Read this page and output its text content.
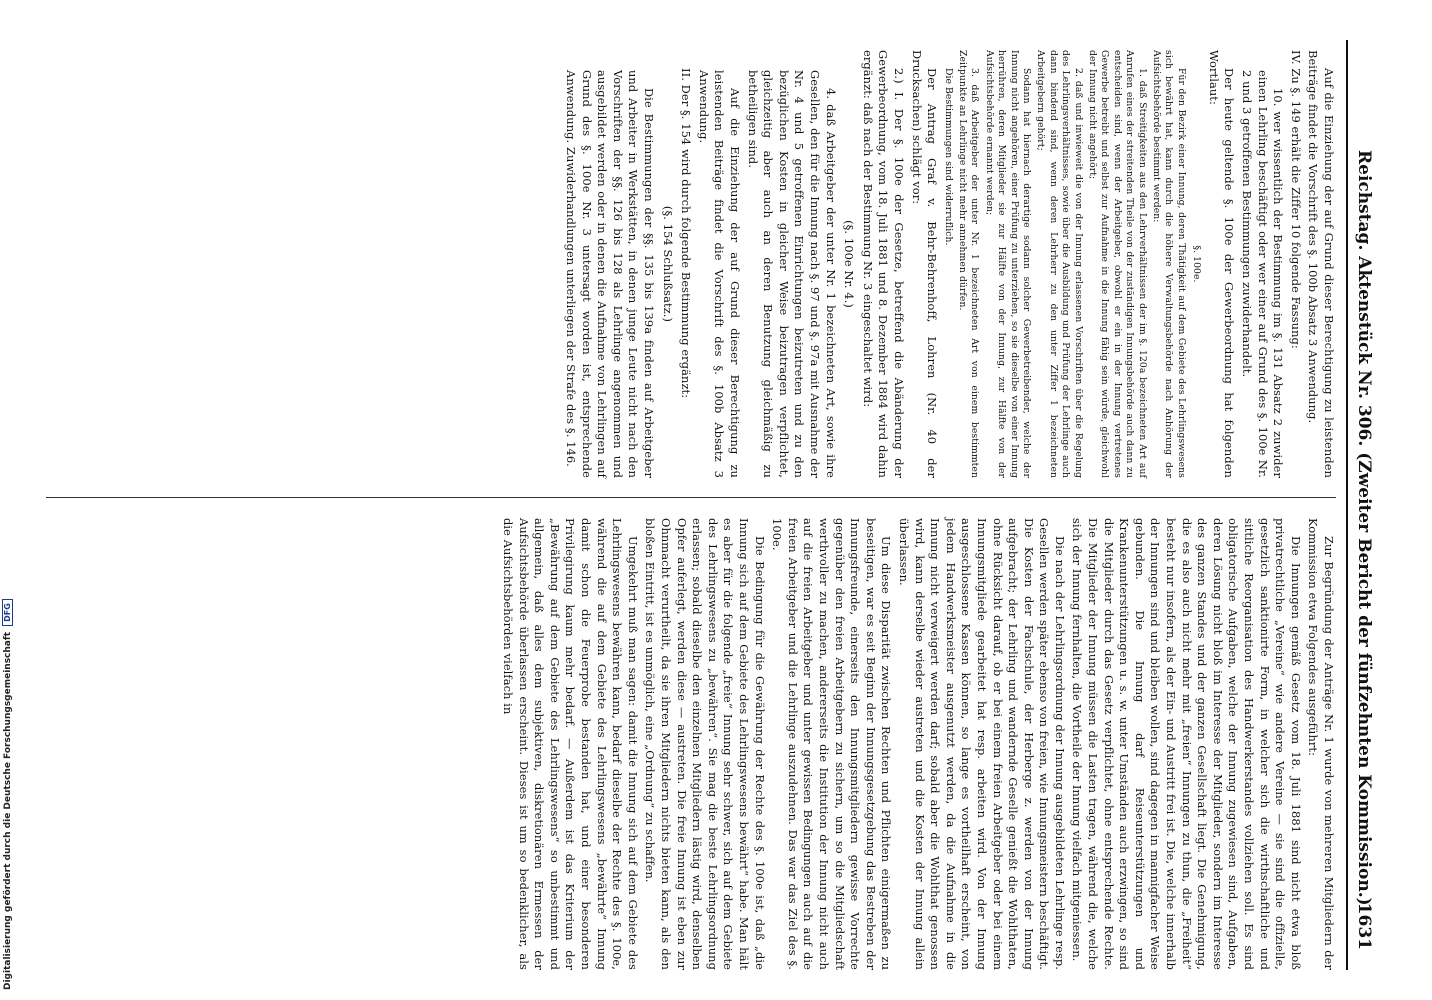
Reichstag. Aktenstück Nr. 306. (Zweiter Bericht der fünfzehnten Kommission.)
1631

Auf die Einziehung der auf Grund dieser Berechtigung zu leistenden Beiträge findet die Vorschrift des §. 100b Absatz 3 Anwendung.

IV. Zu §. 149 erhält die Ziffer 10 folgende Fassung:

10. wer wissentlich der Bestimmung im §. 131 Absatz 2 zuwider einen Lehrling beschäftigt oder wer einer auf Grund des §. 100e Nr. 2 und 3 getroffenen Bestimmungen zuwiderhandelt.

Der heute geltende §. 100e der Gewerbeordnung hat folgenden Wortlaut:

§. 100e.

Für den Bezirk einer Innung, deren Thätigkeit auf dem Gebiete des Lehrlingswesens sich bewährt hat, kann durch die höhere Verwaltungsbehörde nach Anhörung der Aufsichtsbehörde bestimmt werden:

1. daß Streitigkeiten aus den Lehrverhältnissen der im §. 120a bezeichneten Art auf Anrufen eines der streitenden Theile von der zuständigen Innungsbehörde auch dann zu entscheiden sind, wenn der Arbeitgeber, obwohl er ein in der Innung vertretenes Gewerbe betreibt und selbst zur Aufnahme in die Innung fähig sein würde, gleichwohl der Innung nicht angehört;

2. daß und inwieweit die von der Innung erlassenen Vorschriften über die Regelung des Lehrlingsverhältnisses, sowie über die Ausbildung und Prüfung der Lehrlinge auch dann bindend sind, wenn deren Lehrherr zu den unter Ziffer 1 bezeichneten Arbeitgebern gehört;

Sodann hat hiernach derartige sodann solcher Gewerbetreibender, welche der Innung nicht angehören, einer Prüfung zu unterziehen, so sie dieselbe von einer Innung herrühren, deren Mitglieder sie zur Hälfte von der Innung, zur Hälfte von der Aufsichtsbehörde ernannt werden;

3. daß Arbeitgeber der unter Nr. 1 bezeichneten Art von einem bestimmten Zeitpunkte an Lehrlinge nicht mehr annehmen dürfen.

Die Bestimmungen sind widerruflich.

Der Antrag Graf v. Behr-Behrenhoff, Lohren (Nr. 40 der Drucksachen) schlägt vor:

2.) I. Der §. 100e der Gesetze, betreffend die Abänderung der Gewerbeordnung, vom 18. Juli 1881 und 8. Dezember 1884 wird dahin ergänzt: daß nach der Bestimmung Nr. 3 eingeschaltet wird:

(§. 100e Nr. 4.)

4. daß Arbeitgeber der unter Nr. 1 bezeichneten Art, sowie ihre Gesellen, den für die Innung nach §. 97 und §. 97a mit Ausnahme der Nr. 4 und 5 getroffenen Einrichtungen beizutreten und zu den bezüglichen Kosten in gleicher Weise beizutragen verpflichtet, gleichzeitig aber auch an deren Benutzung gleichmäßig zu betheiligen sind.

Auf die Einziehung der auf Grund dieser Berechtigung zu leistenden Beiträge findet die Vorschrift des §. 100b Absatz 3 Anwendung.

II. Der §. 154 wird durch folgende Bestimmung ergänzt:

(§. 154 Schlußsatz.)

Die Bestimmungen der §§. 135 bis 139a finden auf Arbeitgeber und Arbeiter in Werkstätten, in denen junge Leute nicht nach den Vorschriften der §§. 126 bis 128 als Lehrlinge angenommen und ausgebildet werden oder in denen die Aufnahme von Lehrlingen auf Grund des §. 100e Nr. 3 untersagt worden ist, entsprechende Anwendung. Zuwiderhandlungen unterliegen der Strafe des §. 146.

Zur Begründung der Anträge Nr. 1 wurde von mehreren Mitgliedern der Kommission etwa Folgendes ausgeführt:

Die Innungen gemäß Gesetz vom 18. Juli 1881 sind nicht etwa bloß privatrechtliche „Vereine“ wie andere Vereine — sie sind die offizielle, gesetzlich sanktionirte Form, in welcher sich die wirthschaftliche und sittliche Reorganisation des Handwerkerstandes vollziehen soll. Es sind obligatorische Aufgaben, welche der Innung zugewiesen sind, Aufgaben, deren Lösung nicht bloß im Interesse der Mitglieder, sondern im Interesse des ganzen Standes und der ganzen Gesellschaft liegt. Die Genehmigung, die es also auch nicht mehr mit „freien“ Innungen zu thun, die „Freiheit“ besteht nur insofern, als der Ein- und Austritt frei ist. Die, welche innerhalb der Innungen sind und bleiben wollen, sind dagegen in mannigfacher Weise gebunden. Die Innung darf Reiseunterstützungen und Krankenunterstützungen u. s. w. unter Umständen auch erzwingen, so sind die Mitglieder durch das Gesetz verpflichtet, ohne entsprechende Rechte. Die Mitglieder der Innung müssen die Lasten tragen, während die, welche sich der Innung fernhalten, die Vortheile der Innung vielfach mitgeniessen.

Die nach der Lehrlingsordnung der Innung ausgebildeten Lehrlinge resp. Gesellen werden später ebenso von freien, wie Innungsmeistern beschäftigt. Die Kosten der Fachschule, der Herberge z. werden von der Innung aufgebracht; der Lehrling und wandernde Geselle genießt die Wohlthaten, ohne Rücksicht darauf, ob er bei einem freien Arbeitgeber oder bei einem Innungsmitgliede gearbeitet hat resp. arbeiten wird. Von der Innung ausgeschlossene Kassen können, so lange es vortheilhaft erscheint, von jedem Handwerksmeister ausgenutzt werden, da die Aufnahme in die Innung nicht verweigert werden darf; sobald aber die Wohlthat genossen wird, kann derselbe wieder austreten und die Kosten der Innung allein überlassen.

Um diese Disparität zwischen Rechten und Pflichten einigermaßen zu beseitigen, war es seit Beginn der Innungsgesetzgebung das Bestreben der Innungsfreunde, einerseits den Innungsmitgliedern gewisse Vorrechte gegenüber den freien Arbeitgebern zu sichern, um so die Mitgliedschaft werthvoller zu machen, andererseits die Institution der Innung nicht auch auf die freien Arbeitgeber und unter gewissen Bedingungen auch auf die freien Arbeitgeber und die Lehrlinge auszudehnen. Das war das Ziel des §. 100e.

Die Bedingung für die Gewährung der Rechte des §. 100e ist, daß „die Innung sich auf dem Gebiete des Lehrlingswesens bewährt“ habe. Man hält es aber für die folgende „freie“ Innung sehr schwer, sich auf dem Gebiete des Lehrlingswesens zu „bewähren“. Sie mag die beste Lehrlingsordnung erlassen; sobald dieselbe den einzelnen Mitgliedern lästig wird, denselben Opfer auferlegt, werden diese — austreten. Die freie Innung ist eben zur Ohnmacht verurtheilt, da sie ihren Mitgliedern nichts bieten kann, als den bloßen Eintritt, ist es unmöglich, eine „Ordnung“ zu schaffen.

Umgekehrt muß man sagen: damit die Innung sich auf dem Gebiete des Lehrlingswesens bewähren kann, bedarf dieselbe der Rechte des §. 100e, während die auf dem Gebiete des Lehrlingswesens „bewährte“ Innung damit schon die Feuerprobe bestanden hat, und einer besonderen Privilegirung kaum mehr bedarf. — Außerdem ist das Kriterium der „Bewährung auf dem Gebiete des Lehrlingswesens“ so unbestimmt und allgemein, daß alles dem subjektiven, diskretionären Ermessen der Aufsichtsbehörde überlassen erscheint. Dieses ist um so bedenklicher, als die Aufsichtsbehörden vielfach in

Digitalisierung gefördert durch die Deutsche ForschungsgemeinschaftDFG
